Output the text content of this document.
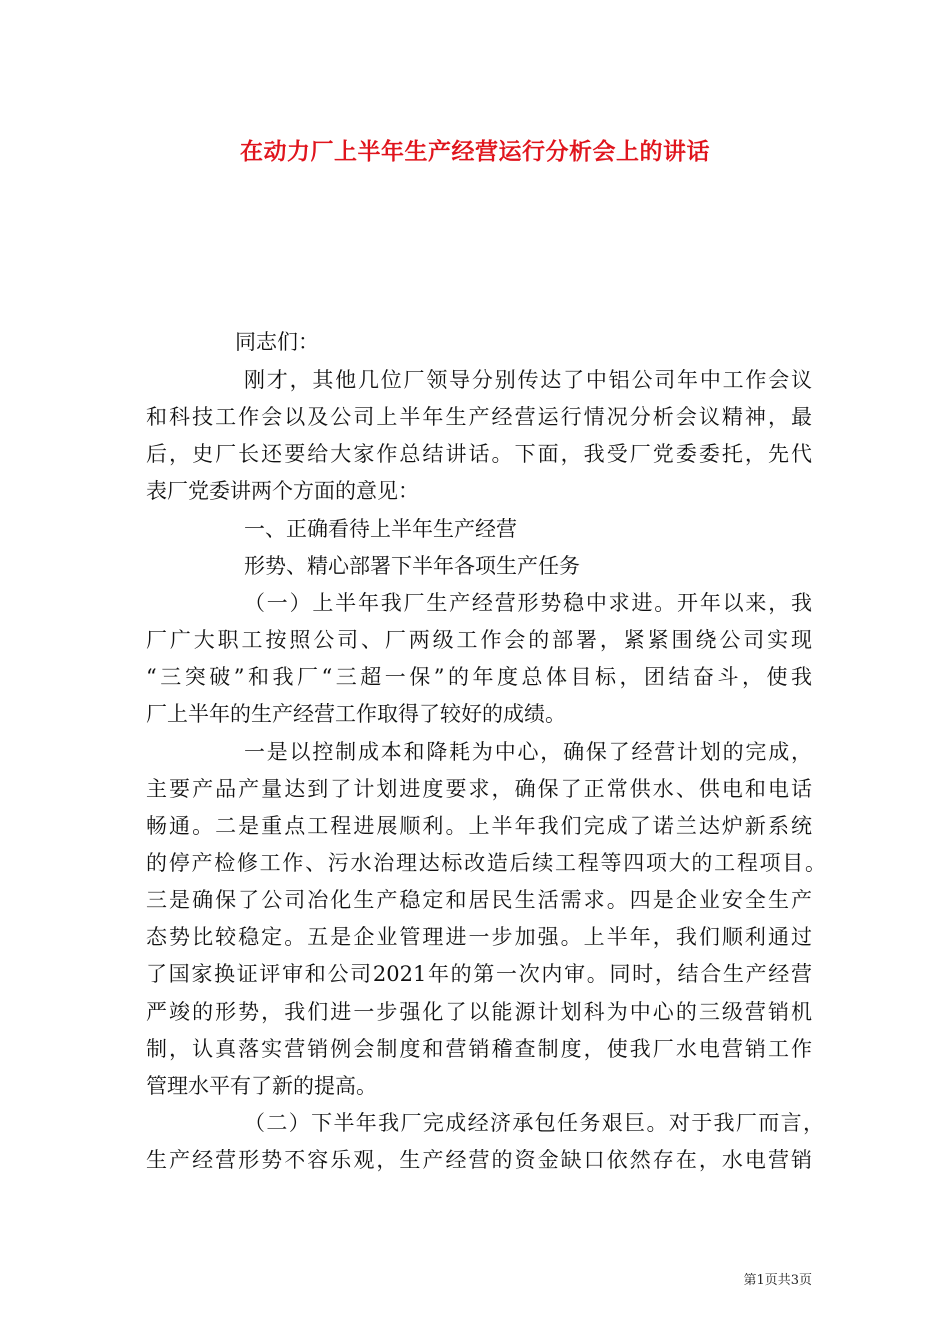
在动力厂上半年生产经营运行分析会上的讲话

同志们：

刚才，其他几位厂领导分别传达了中铝公司年中工作会议

和科技工作会以及公司上半年生产经营运行情况分析会议精神，最

后，史厂长还要给大家作总结讲话。下面，我受厂党委委托，先代

表厂党委讲两个方面的意见：

一、正确看待上半年生产经营

形势、精心部署下半年各项生产任务

（一）上半年我厂生产经营形势稳中求进。开年以来，我

厂广大职工按照公司、厂两级工作会的部署，紧紧围绕公司实现

“三突破”和我厂“三超一保”的年度总体目标，团结奋斗，使我

厂上半年的生产经营工作取得了较好的成绩。

一是以控制成本和降耗为中心，确保了经营计划的完成，

主要产品产量达到了计划进度要求，确保了正常供水、供电和电话

畅通。二是重点工程进展顺利。上半年我们完成了诺兰达炉新系统

的停产检修工作、污水治理达标改造后续工程等四项大的工程项目。

三是确保了公司冶化生产稳定和居民生活需求。四是企业安全生产

态势比较稳定。五是企业管理进一步加强。上半年，我们顺利通过

了国家换证评审和公司2021年的第一次内审。同时，结合生产经营

严竣的形势，我们进一步强化了以能源计划科为中心的三级营销机

制，认真落实营销例会制度和营销稽查制度，使我厂水电营销工作

管理水平有了新的提高。

（二）下半年我厂完成经济承包任务艰巨。对于我厂而言，

生产经营形势不容乐观，生产经营的资金缺口依然存在，水电营销

第1页共3页
